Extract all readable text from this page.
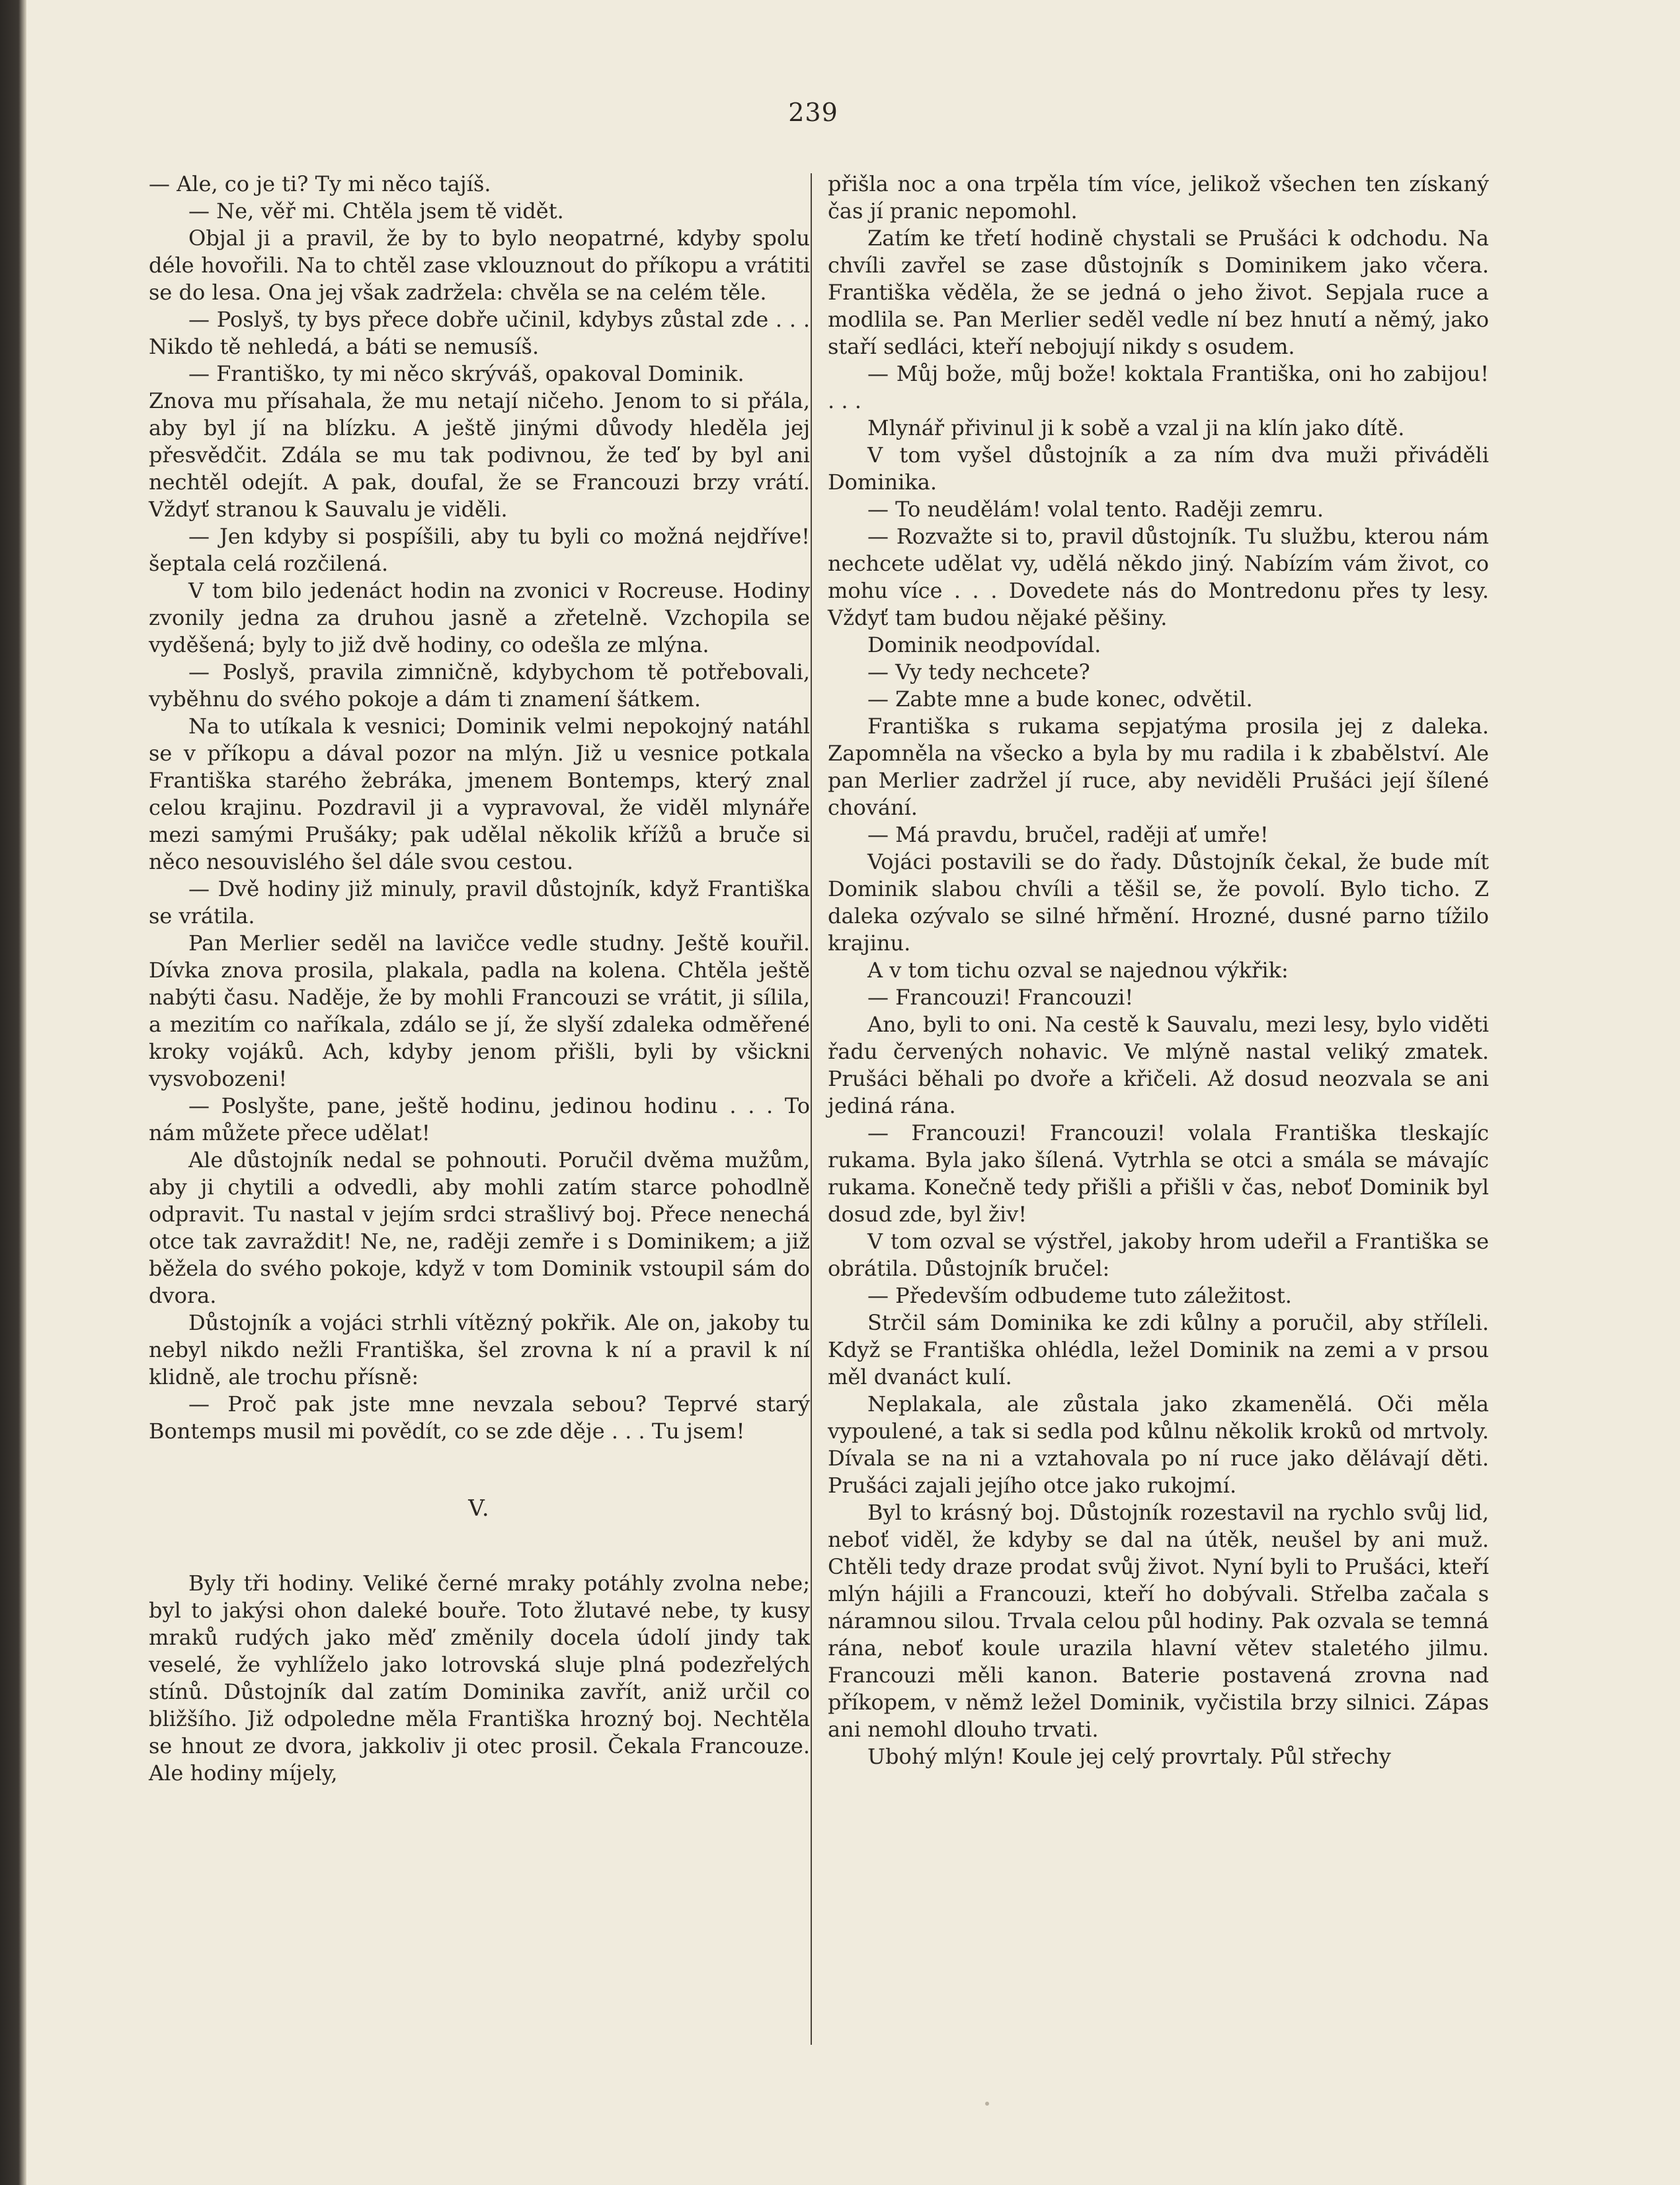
239

— Ale, co je ti? Ty mi něco tajíš.

— Ne, věř mi. Chtěla jsem tě vidět.

Objal ji a pravil, že by to bylo neopatrné, kdyby spolu déle hovořili. Na to chtěl zase vklouznout do příkopu a vrátiti se do lesa. Ona jej však zadržela: chvěla se na celém těle.

— Poslyš, ty bys přece dobře učinil, kdybys zůstal zde . . . Nikdo tě nehledá, a báti se nemusíš.

— Františko, ty mi něco skrýváš, opakoval Dominik.

Znova mu přísahala, že mu netají ničeho. Jenom to si přála, aby byl jí na blízku. A ještě jinými důvody hleděla jej přesvědčit. Zdála se mu tak podivnou, že teď by byl ani nechtěl odejít. A pak, doufal, že se Francouzi brzy vrátí. Vždyť stranou k Sauvalu je viděli.

— Jen kdyby si pospíšili, aby tu byli co možná nejdříve! šeptala celá rozčilená.

V tom bilo jedenáct hodin na zvonici v Rocreuse. Hodiny zvonily jedna za druhou jasně a zřetelně. Vzchopila se vyděšená; byly to již dvě hodiny, co odešla ze mlýna.

— Poslyš, pravila zimničně, kdybychom tě potřebovali, vyběhnu do svého pokoje a dám ti znamení šátkem.

Na to utíkala k vesnici; Dominik velmi nepokojný natáhl se v příkopu a dával pozor na mlýn. Již u vesnice potkala Františka starého žebráka, jmenem Bontemps, který znal celou krajinu. Pozdravil ji a vypravoval, že viděl mlynáře mezi samými Prušáky; pak udělal několik křížů a bruče si něco nesouvislého šel dále svou cestou.

— Dvě hodiny již minuly, pravil důstojník, když Františka se vrátila.

Pan Merlier seděl na lavičce vedle studny. Ještě kouřil. Dívka znova prosila, plakala, padla na kolena. Chtěla ještě nabýti času. Naděje, že by mohli Francouzi se vrátit, ji sílila, a mezitím co naříkala, zdálo se jí, že slyší zdaleka odměřené kroky vojáků. Ach, kdyby jenom přišli, byli by všickni vysvobozeni!

— Poslyšte, pane, ještě hodinu, jedinou hodinu . . . To nám můžete přece udělat!

Ale důstojník nedal se pohnouti. Poručil dvěma mužům, aby ji chytili a odvedli, aby mohli zatím starce pohodlně odpravit. Tu nastal v jejím srdci strašlivý boj. Přece nenechá otce tak zavraždit! Ne, ne, raději zemře i s Dominikem; a již běžela do svého pokoje, když v tom Dominik vstoupil sám do dvora.

Důstojník a vojáci strhli vítězný pokřik. Ale on, jakoby tu nebyl nikdo nežli Františka, šel zrovna k ní a pravil k ní klidně, ale trochu přísně:

— Proč pak jste mne nevzala sebou? Teprvé starý Bontemps musil mi povědít, co se zde děje . . . Tu jsem!

V.

Byly tři hodiny. Veliké černé mraky potáhly zvolna nebe; byl to jakýsi ohon daleké bouře. Toto žlutavé nebe, ty kusy mraků rudých jako měď změnily docela údolí jindy tak veselé, že vyhlíželo jako lotrovská sluje plná podezřelých stínů. Důstojník dal zatím Dominika zavřít, aniž určil co bližšího. Již odpoledne měla Františka hrozný boj. Nechtěla se hnout ze dvora, jakkoliv ji otec prosil. Čekala Francouze. Ale hodiny míjely,

přišla noc a ona trpěla tím více, jelikož všechen ten získaný čas jí pranic nepomohl.

Zatím ke třetí hodině chystali se Prušáci k odchodu. Na chvíli zavřel se zase důstojník s Dominikem jako včera. Františka věděla, že se jedná o jeho život. Sepjala ruce a modlila se. Pan Merlier seděl vedle ní bez hnutí a němý, jako staří sedláci, kteří nebojují nikdy s osudem.

— Můj bože, můj bože! koktala Františka, oni ho zabijou! . . .

Mlynář přivinul ji k sobě a vzal ji na klín jako dítě.

V tom vyšel důstojník a za ním dva muži přiváděli Dominika.

— To neudělám! volal tento. Raději zemru.

— Rozvažte si to, pravil důstojník. Tu službu, kterou nám nechcete udělat vy, udělá někdo jiný. Nabízím vám život, co mohu více . . . Dovedete nás do Montredonu přes ty lesy. Vždyť tam budou nějaké pěšiny.

Dominik neodpovídal.

— Vy tedy nechcete?

— Zabte mne a bude konec, odvětil.

Františka s rukama sepjatýma prosila jej z daleka. Zapomněla na všecko a byla by mu radila i k zbabělství. Ale pan Merlier zadržel jí ruce, aby neviděli Prušáci její šílené chování.

— Má pravdu, bručel, raději ať umře!

Vojáci postavili se do řady. Důstojník čekal, že bude mít Dominik slabou chvíli a těšil se, že povolí. Bylo ticho. Z daleka ozývalo se silné hřmění. Hrozné, dusné parno tížilo krajinu.

A v tom tichu ozval se najednou výkřik:

— Francouzi! Francouzi!

Ano, byli to oni. Na cestě k Sauvalu, mezi lesy, bylo viděti řadu červených nohavic. Ve mlýně nastal veliký zmatek. Prušáci běhali po dvoře a křičeli. Až dosud neozvala se ani jediná rána.

— Francouzi! Francouzi! volala Františka tleskajíc rukama. Byla jako šílená. Vytrhla se otci a smála se mávajíc rukama. Konečně tedy přišli a přišli v čas, neboť Dominik byl dosud zde, byl živ!

V tom ozval se výstřel, jakoby hrom udeřil a Františka se obrátila. Důstojník bručel:

— Především odbudeme tuto záležitost.

Strčil sám Dominika ke zdi kůlny a poručil, aby stříleli. Když se Františka ohlédla, ležel Dominik na zemi a v prsou měl dvanáct kulí.

Neplakala, ale zůstala jako zkamenělá. Oči měla vypoulené, a tak si sedla pod kůlnu několik kroků od mrtvoly. Dívala se na ni a vztahovala po ní ruce jako dělávají děti. Prušáci zajali jejího otce jako rukojmí.

Byl to krásný boj. Důstojník rozestavil na rychlo svůj lid, neboť viděl, že kdyby se dal na útěk, neušel by ani muž. Chtěli tedy draze prodat svůj život. Nyní byli to Prušáci, kteří mlýn hájili a Francouzi, kteří ho dobývali. Střelba začala s náramnou silou. Trvala celou půl hodiny. Pak ozvala se temná rána, neboť koule urazila hlavní větev staletého jilmu. Francouzi měli kanon. Baterie postavená zrovna nad příkopem, v němž ležel Dominik, vyčistila brzy silnici. Zápas ani nemohl dlouho trvati.

Ubohý mlýn! Koule jej celý provrtaly. Půl střechy
